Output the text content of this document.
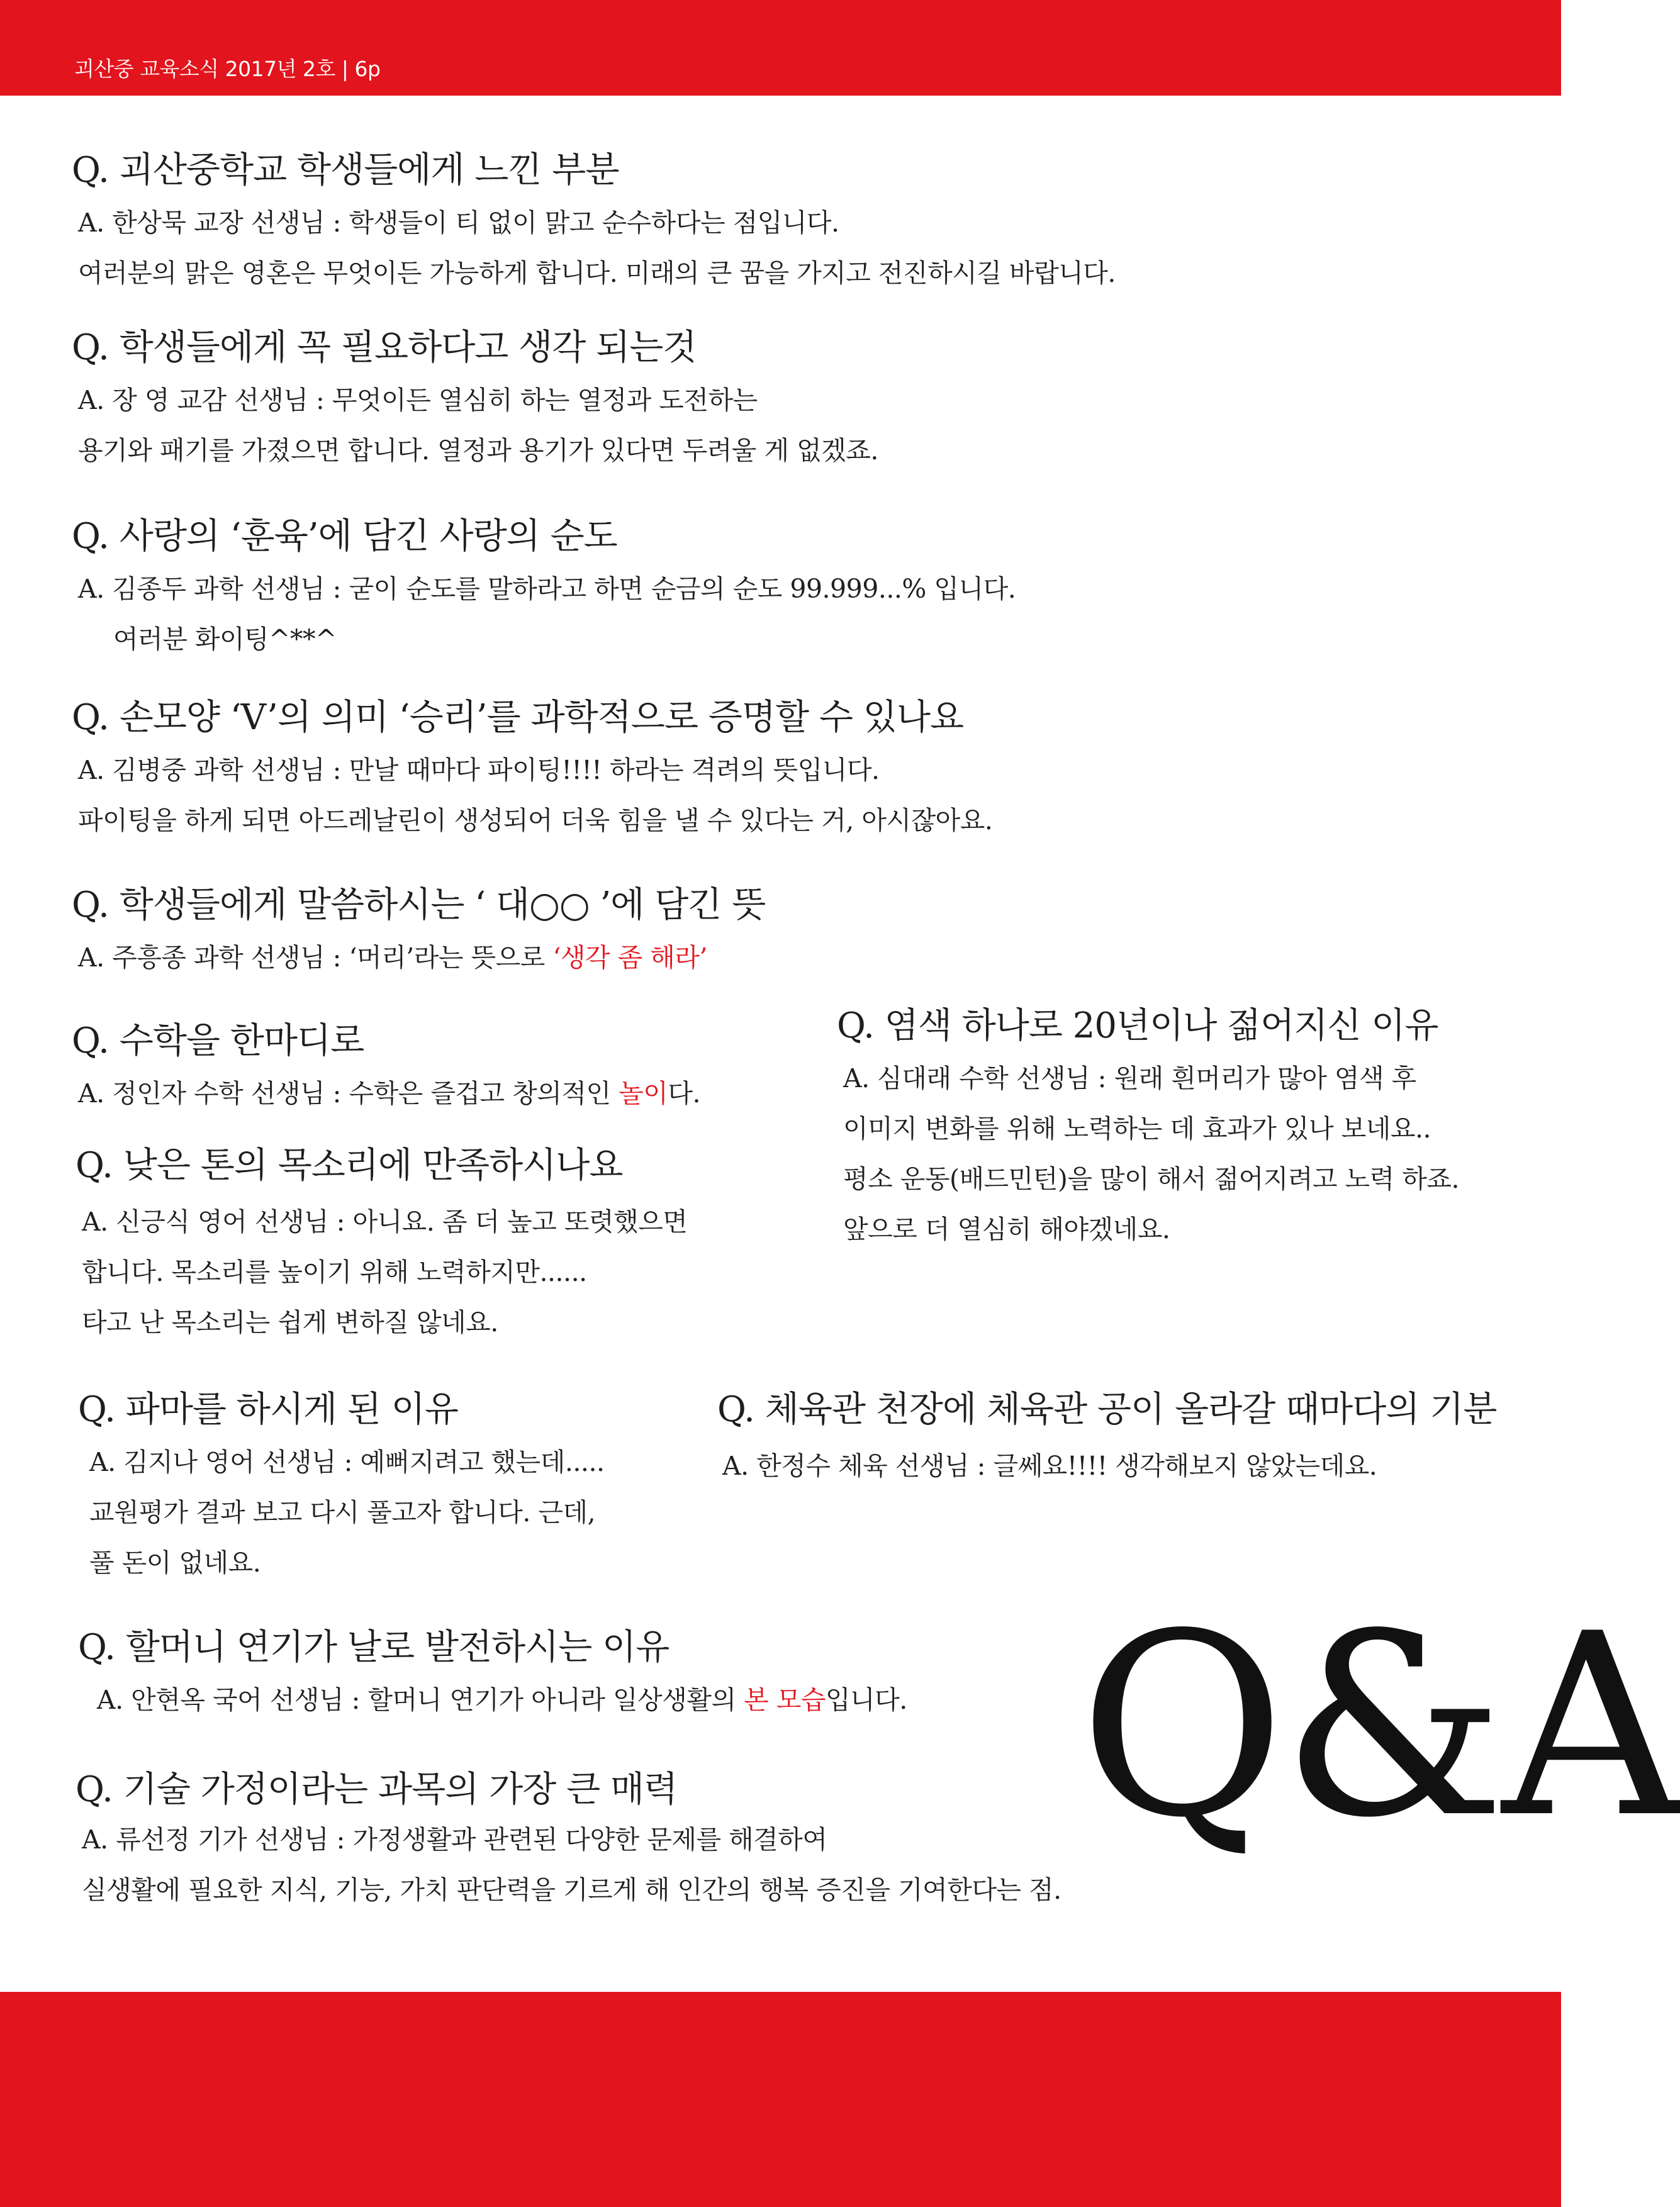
괴산중 교육소식 2017년 2호 | 6p

Q. 괴산중학교 학생들에게 느낀 부분

A. 한상묵 교장 선생님 : 학생들이 티 없이 맑고 순수하다는 점입니다.

여러분의 맑은 영혼은 무엇이든 가능하게 합니다. 미래의 큰 꿈을 가지고 전진하시길 바랍니다.

Q. 학생들에게 꼭 필요하다고 생각 되는것

A. 장 영 교감 선생님 : 무엇이든 열심히 하는 열정과 도전하는

용기와 패기를 가졌으면 합니다. 열정과 용기가 있다면 두려울 게 없겠죠.

Q. 사랑의 ‘훈육’에 담긴 사랑의 순도

A. 김종두 과학 선생님 : 굳이 순도를 말하라고 하면 순금의 순도 99.999...% 입니다.

여러분 화이팅^**^

Q. 손모양 ‘V’의 의미 ‘승리’를 과학적으로 증명할 수 있나요

A. 김병중 과학 선생님 : 만날 때마다 파이팅!!!! 하라는 격려의 뜻입니다.

파이팅을 하게 되면 아드레날린이 생성되어 더욱 힘을 낼 수 있다는 거, 아시잖아요.

Q. 학생들에게 말씀하시는 ‘ 대○○ ’에 담긴 뜻

A. 주흥종 과학 선생님 : ‘머리’라는 뜻으로 ‘생각 좀 해라’

Q. 수학을 한마디로

A. 정인자 수학 선생님 : 수학은 즐겁고 창의적인 놀이다.

Q. 염색 하나로 20년이나 젊어지신 이유

A. 심대래 수학 선생님 : 원래 흰머리가 많아 염색 후

이미지 변화를 위해 노력하는 데 효과가 있나 보네요..

평소 운동(배드민턴)을 많이 해서 젊어지려고 노력 하죠.

앞으로 더 열심히 해야겠네요.

Q. 낮은 톤의 목소리에 만족하시나요

A. 신긍식 영어 선생님 : 아니요. 좀 더 높고 또렷했으면

합니다. 목소리를 높이기 위해 노력하지만......

타고 난 목소리는 쉽게 변하질 않네요.

Q. 파마를 하시게 된 이유

A. 김지나 영어 선생님 : 예뻐지려고 했는데.....

교원평가 결과 보고 다시 풀고자 합니다. 근데,

풀 돈이 없네요.

Q. 체육관 천장에 체육관 공이 올라갈 때마다의 기분

A. 한정수 체육 선생님 : 글쎄요!!!! 생각해보지 않았는데요.

Q. 할머니 연기가 날로 발전하시는 이유

A. 안현옥 국어 선생님 : 할머니 연기가 아니라 일상생활의 본 모습입니다.

Q. 기술 가정이라는 과목의 가장 큰 매력

A. 류선정 기가 선생님 : 가정생활과 관련된 다양한 문제를 해결하여

실생활에 필요한 지식, 기능, 가치 판단력을 기르게 해 인간의 행복 증진을 기여한다는 점.

Q&A
